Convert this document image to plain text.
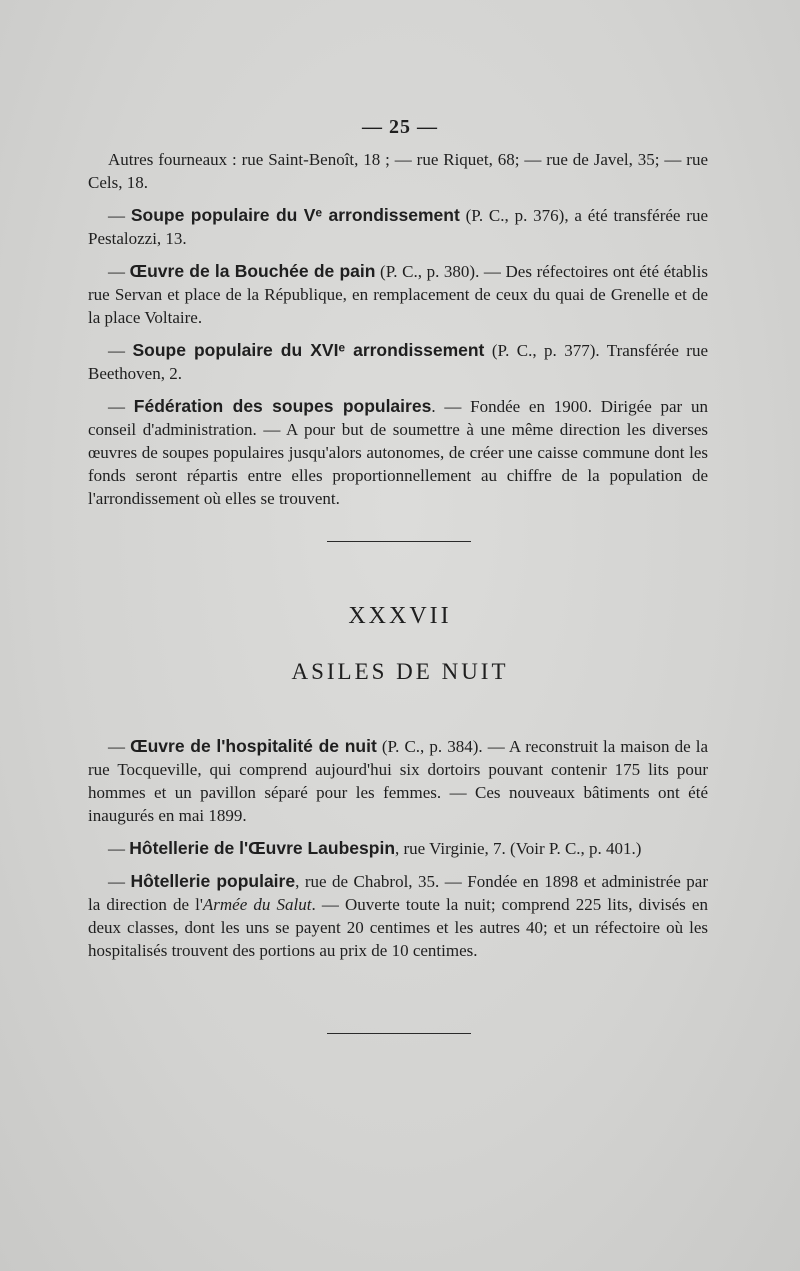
— 25 —

Autres fourneaux : rue Saint-Benoît, 18 ; — rue Riquet, 68; — rue de Javel, 35; — rue Cels, 18.

— Soupe populaire du Vᵉ arrondissement (P. C., p. 376), a été transférée rue Pestalozzi, 13.

— Œuvre de la Bouchée de pain (P. C., p. 380). — Des réfectoires ont été établis rue Servan et place de la République, en remplacement de ceux du quai de Grenelle et de la place Voltaire.

— Soupe populaire du XVIᵉ arrondissement (P. C., p. 377). Transférée rue Beethoven, 2.

— Fédération des soupes populaires. — Fondée en 1900. Dirigée par un conseil d'administration. — A pour but de soumettre à une même direction les diverses œuvres de soupes populaires jusqu'alors autonomes, de créer une caisse commune dont les fonds seront répartis entre elles proportionnellement au chiffre de la population de l'arrondissement où elles se trouvent.

XXXVII
ASILES DE NUIT

— Œuvre de l'hospitalité de nuit (P. C., p. 384). — A reconstruit la maison de la rue Tocqueville, qui comprend aujourd'hui six dortoirs pouvant contenir 175 lits pour hommes et un pavillon séparé pour les femmes. — Ces nouveaux bâtiments ont été inaugurés en mai 1899.

— Hôtellerie de l'Œuvre Laubespin, rue Virginie, 7. (Voir P. C., p. 401.)

— Hôtellerie populaire, rue de Chabrol, 35. — Fondée en 1898 et administrée par la direction de l'Armée du Salut. — Ouverte toute la nuit; comprend 225 lits, divisés en deux classes, dont les uns se payent 20 centimes et les autres 40; et un réfectoire où les hospitalisés trouvent des portions au prix de 10 centimes.
